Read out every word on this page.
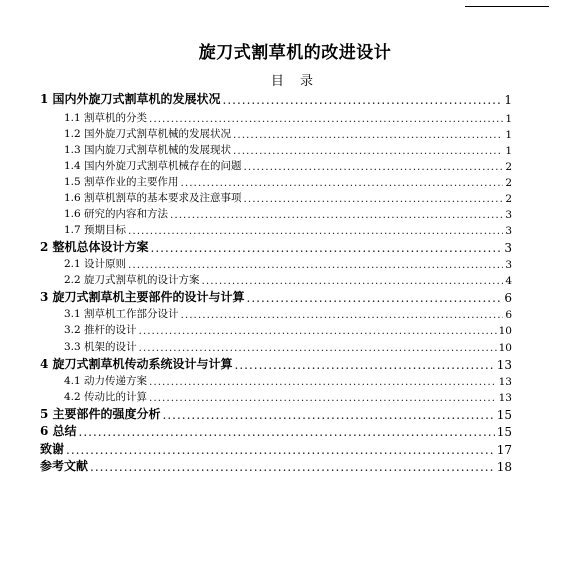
旋刀式割草机的改进设计
目 录
1 国内外旋刀式割草机的发展状况 .....	1
1.1 割草机的分类 .....	1
1.2 国外旋刀式割草机械的发展状况 .....	1
1.3 国内旋刀式割草机械的发展现状 .....	1
1.4 国内外旋刀式割草机械存在的问题 .....	2
1.5 割草作业的主要作用 .....	2
1.6 割草机割草的基本要求及注意事项 .....	2
1.6 研究的内容和方法 .....	3
1.7 预期目标 .....	3
2 整机总体设计方案 .....	3
2.1 设计原则 .....	3
2.2 旋刀式割草机的设计方案 .....	4
3 旋刀式割草机主要部件的设计与计算 .....	6
3.1 割草机工作部分设计 .....	6
3.2 推杆的设计 .....	10
3.3 机架的设计 .....	10
4 旋刀式割草机传动系统设计与计算 .....	13
4.1 动力传递方案 .....	13
4.2 传动比的计算 .....	13
5 主要部件的强度分析 .....	15
6 总结 .....	15
致谢 .....	17
参考文献 .....	18
